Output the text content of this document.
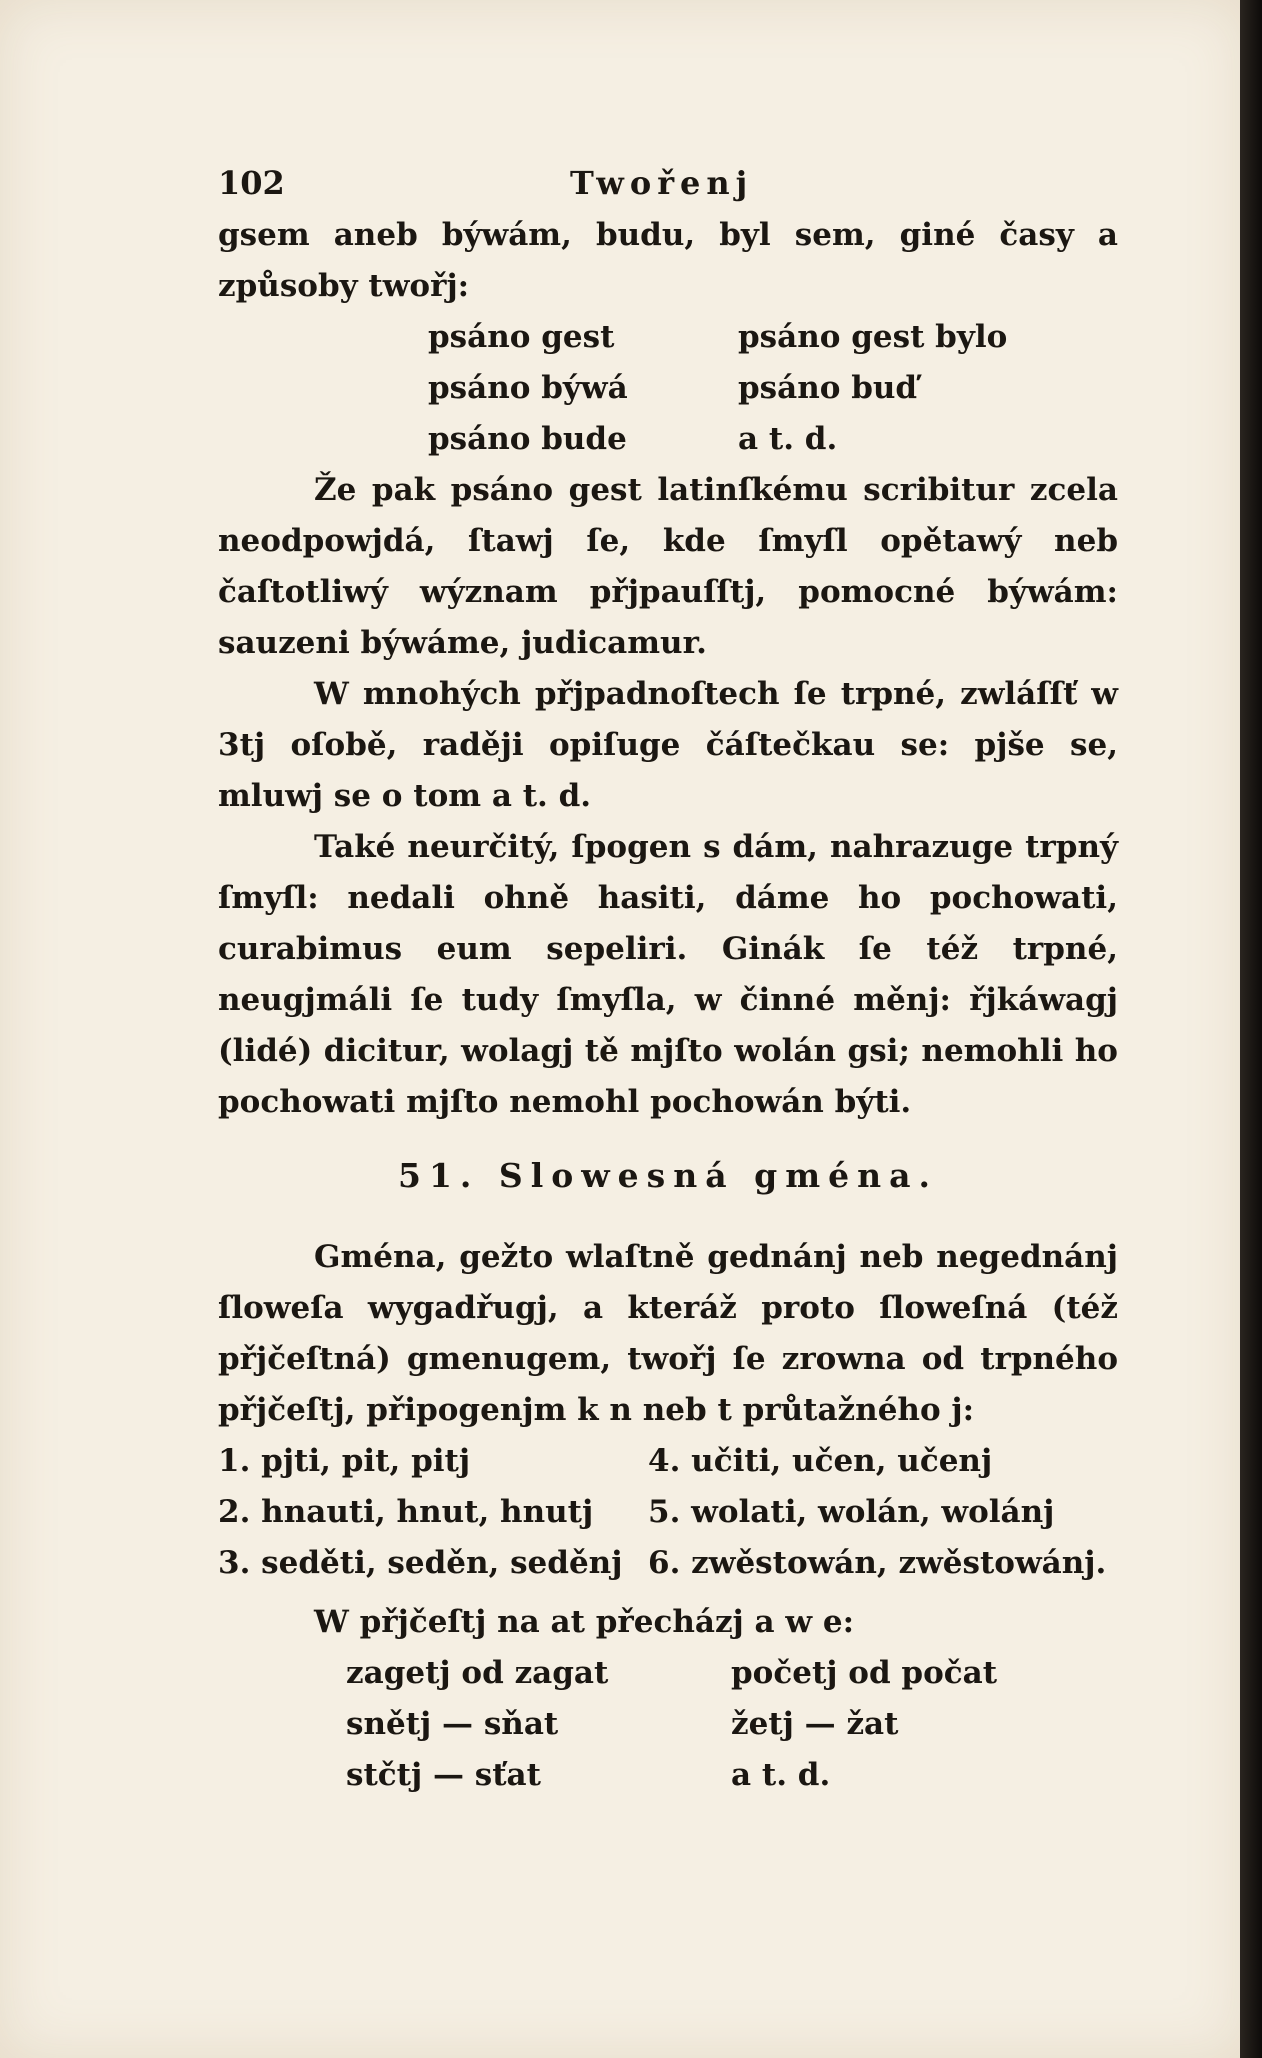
102	Twořenj

gsem aneb býwám, budu, byl sem, giné časy a způsoby twořj:

psáno gest	psáno gest bylo
psáno býwá	psáno buď
psáno bude	a t. d.

Že pak psáno gest latinſkému scribitur zcela neodpowjdá, ſtawj ſe, kde ſmyſl opětawý neb čaſtotliwý wýznam přjpauſſtj, pomocné býwám: sauzeni býwáme, judicamur.

W mnohých přjpadnoſtech ſe trpné, zwláſſť w 3tj oſobě, raději opiſuge čáſtečkau se: pjše se, mluwj se o tom a t. d.

Také neurčitý, ſpogen s dám, nahrazuge trpný ſmyſl: nedali ohně hasiti, dáme ho pochowati, curabimus eum sepeliri. Ginák ſe též trpné, neugjmáli ſe tudy ſmyſla, w činné měnj: řjkáwagj (lidé) dicitur, wolagj tě mjſto wolán gsi; nemohli ho pochowati mjſto nemohl pochowán býti.

51. Slowesná gména.

Gména, gežto wlaſtně gednánj neb negednánj ſloweſa wygadřugj, a kteráž proto ſloweſná (též přjčeſtná) gmenugem, twořj ſe zrowna od trpného přjčeſtj, připogenjm k n neb t průtažného j:

1. pjti, pit, pitj	4. učiti, učen, učenj
2. hnauti, hnut, hnutj	5. wolati, wolán, wolánj
3. seděti, seděn, seděnj 6. zwěstowán, zwěstowánj.

W přjčeſtj na at přecházj a w e:

zagetj od zagat	početj od počat
snětj — sňat	žetj — žat
stčtj — sťat	a t. d.
